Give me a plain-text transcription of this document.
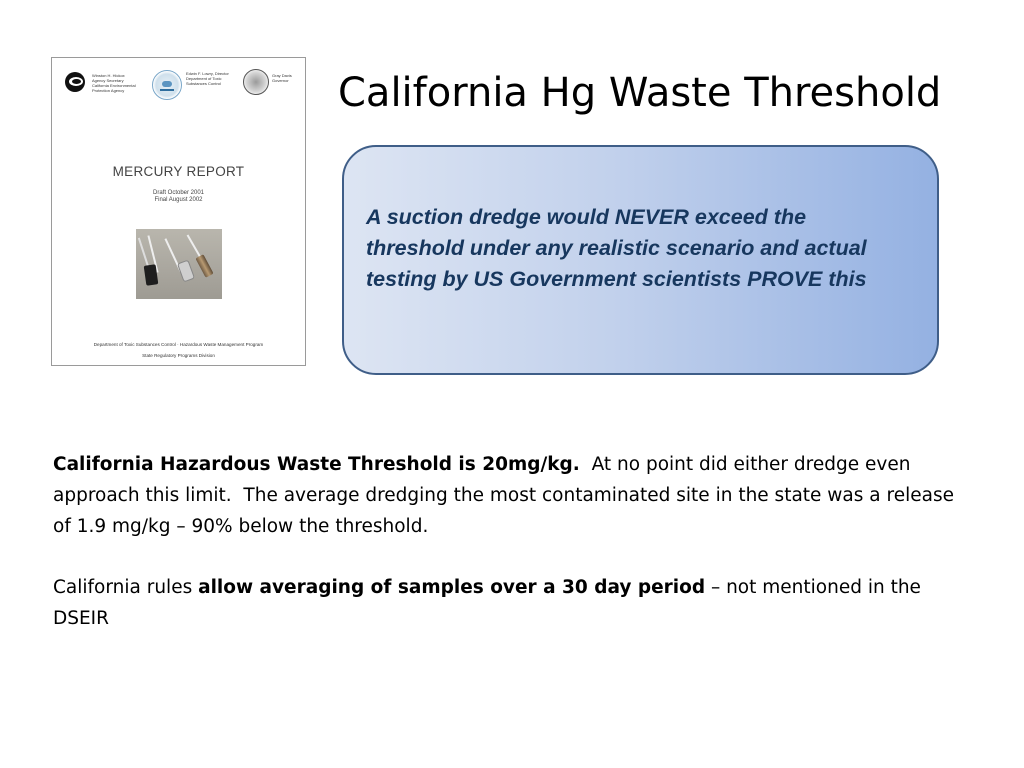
Winston H. Hickox
Agency Secretary
California Environmental
Protection Agency
Edwin F. Lowry, Director
Department of Toxic
Substances Control
Gray Davis
Governor
MERCURY REPORT
Draft October 2001
Final August 2002
Department of Toxic Substances Control · Hazardous Waste Management Program
State Regulatory Programs Division
California Hg Waste Threshold
A suction dredge would NEVER exceed the threshold under any realistic scenario and actual testing by US Government scientists PROVE this

California Hazardous Waste Threshold is 20mg/kg.  At no point did either dredge even approach this limit.  The average dredging the most contaminated site in the state was a release of 1.9 mg/kg – 90% below the threshold.

California rules allow averaging of samples over a 30 day period – not mentioned in the DSEIR
